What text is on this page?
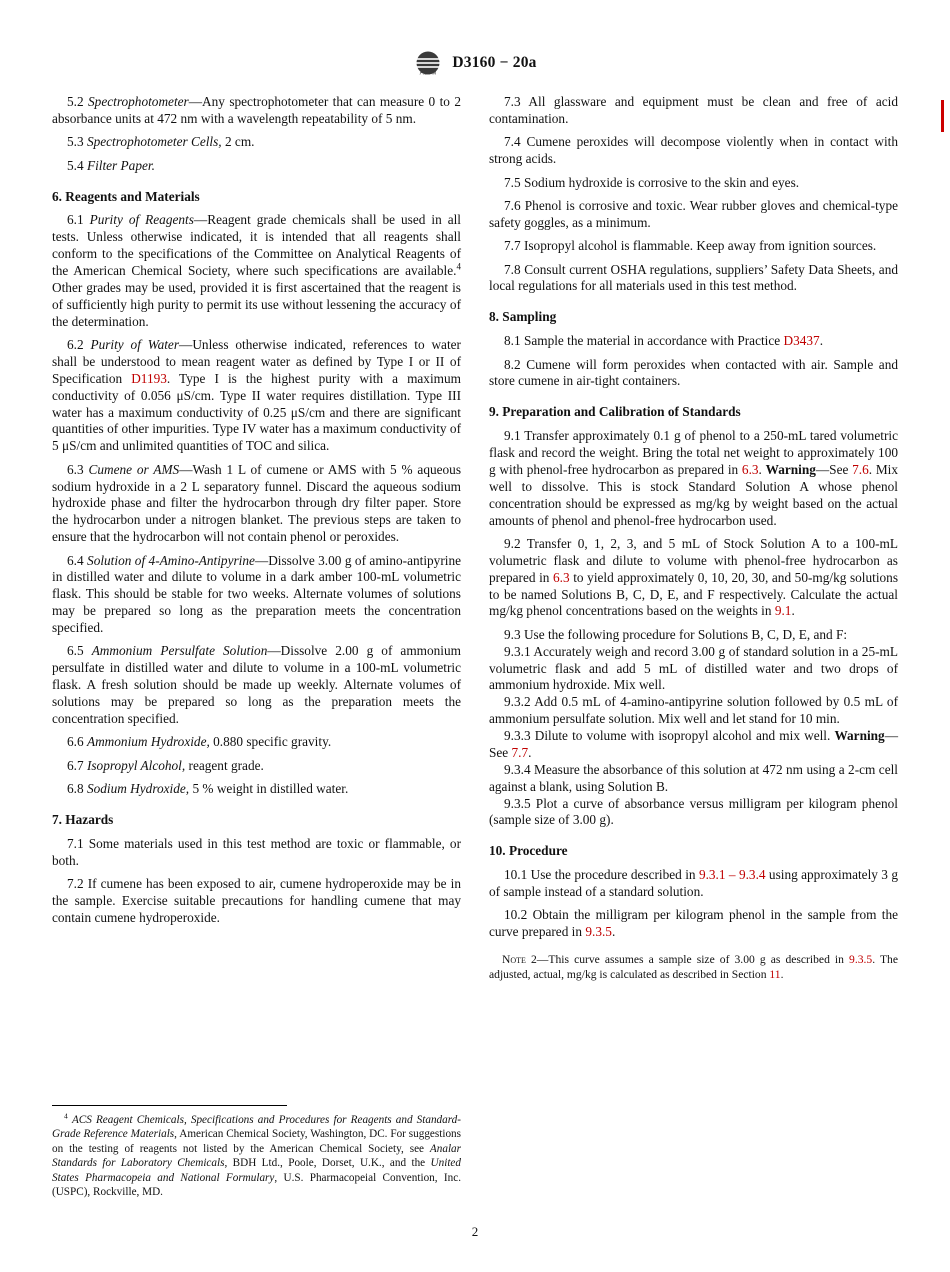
ASTM
D3160 − 20a

5.2 Spectrophotometer—Any spectrophotometer that can measure 0 to 2 absorbance units at 472 nm with a wavelength repeatability of 5 nm.

5.3 Spectrophotometer Cells, 2 cm.

5.4 Filter Paper.

6. Reagents and Materials

6.1 Purity of Reagents—Reagent grade chemicals shall be used in all tests. Unless otherwise indicated, it is intended that all reagents shall conform to the specifications of the Committee on Analytical Reagents of the American Chemical Society, where such specifications are available.$^4$ Other grades may be used, provided it is first ascertained that the reagent is of sufficiently high purity to permit its use without lessening the accuracy of the determination.

6.2 Purity of Water—Unless otherwise indicated, references to water shall be understood to mean reagent water as defined by Type I or II of Specification D1193. Type I is the highest purity with a maximum conductivity of 0.056 μS/cm. Type II water requires distillation. Type III water has a maximum conductivity of 0.25 μS/cm and there are significant quantities of other impurities. Type IV water has a maximum conductivity of 5 μS/cm and unlimited quantities of TOC and silica.

6.3 Cumene or AMS—Wash 1 L of cumene or AMS with 5 % aqueous sodium hydroxide in a 2 L separatory funnel. Discard the aqueous sodium hydroxide phase and filter the hydrocarbon through dry filter paper. Store the hydrocarbon under a nitrogen blanket. The previous steps are taken to ensure that the hydrocarbon will not contain phenol or peroxides.

6.4 Solution of 4-Amino-Antipyrine—Dissolve 3.00 g of amino-antipyrine in distilled water and dilute to volume in a dark amber 100-mL volumetric flask. This should be stable for two weeks. Alternate volumes of solutions may be prepared so long as the preparation meets the concentration specified.

6.5 Ammonium Persulfate Solution—Dissolve 2.00 g of ammonium persulfate in distilled water and dilute to volume in a 100-mL volumetric flask. A fresh solution should be made up weekly. Alternate volumes of solutions may be prepared so long as the preparation meets the concentration specified.

6.6 Ammonium Hydroxide, 0.880 specific gravity.

6.7 Isopropyl Alcohol, reagent grade.

6.8 Sodium Hydroxide, 5 % weight in distilled water.

7. Hazards

7.1 Some materials used in this test method are toxic or flammable, or both.

7.2 If cumene has been exposed to air, cumene hydroperoxide may be in the sample. Exercise suitable precautions for handling cumene that may contain cumene hydroperoxide.

$^4$ ACS Reagent Chemicals, Specifications and Procedures for Reagents and Standard-Grade Reference Materials, American Chemical Society, Washington, DC. For suggestions on the testing of reagents not listed by the American Chemical Society, see Analar Standards for Laboratory Chemicals, BDH Ltd., Poole, Dorset, U.K., and the United States Pharmacopeia and National Formulary, U.S. Pharmacopeial Convention, Inc. (USPC), Rockville, MD.

7.3 All glassware and equipment must be clean and free of acid contamination.

7.4 Cumene peroxides will decompose violently when in contact with strong acids.

7.5 Sodium hydroxide is corrosive to the skin and eyes.

7.6 Phenol is corrosive and toxic. Wear rubber gloves and chemical-type safety goggles, as a minimum.

7.7 Isopropyl alcohol is flammable. Keep away from ignition sources.

7.8 Consult current OSHA regulations, suppliers’ Safety Data Sheets, and local regulations for all materials used in this test method.

8. Sampling

8.1 Sample the material in accordance with Practice D3437.

8.2 Cumene will form peroxides when contacted with air. Sample and store cumene in air-tight containers.

9. Preparation and Calibration of Standards

9.1 Transfer approximately 0.1 g of phenol to a 250-mL tared volumetric flask and record the weight. Bring the total net weight to approximately 100 g with phenol-free hydrocarbon as prepared in 6.3. Warning—See 7.6. Mix well to dissolve. This is stock Standard Solution A whose phenol concentration should be expressed as mg/kg by weight based on the actual amounts of phenol and phenol-free hydrocarbon used.

9.2 Transfer 0, 1, 2, 3, and 5 mL of Stock Solution A to a 100-mL volumetric flask and dilute to volume with phenol-free hydrocarbon as prepared in 6.3 to yield approximately 0, 10, 20, 30, and 50-mg/kg solutions to be named Solutions B, C, D, E, and F respectively. Calculate the actual mg/kg phenol concentrations based on the weights in 9.1.

9.3 Use the following procedure for Solutions B, C, D, E, and F:

9.3.1 Accurately weigh and record 3.00 g of standard solution in a 25-mL volumetric flask and add 5 mL of distilled water and two drops of ammonium hydroxide. Mix well.

9.3.2 Add 0.5 mL of 4-amino-antipyrine solution followed by 0.5 mL of ammonium persulfate solution. Mix well and let stand for 10 min.

9.3.3 Dilute to volume with isopropyl alcohol and mix well. Warning—See 7.7.

9.3.4 Measure the absorbance of this solution at 472 nm using a 2-cm cell against a blank, using Solution B.

9.3.5 Plot a curve of absorbance versus milligram per kilogram phenol (sample size of 3.00 g).

10. Procedure

10.1 Use the procedure described in 9.3.1 – 9.3.4 using approximately 3 g of sample instead of a standard solution.

10.2 Obtain the milligram per kilogram phenol in the sample from the curve prepared in 9.3.5.

Note 2—This curve assumes a sample size of 3.00 g as described in 9.3.5. The adjusted, actual, mg/kg is calculated as described in Section 11.

2
